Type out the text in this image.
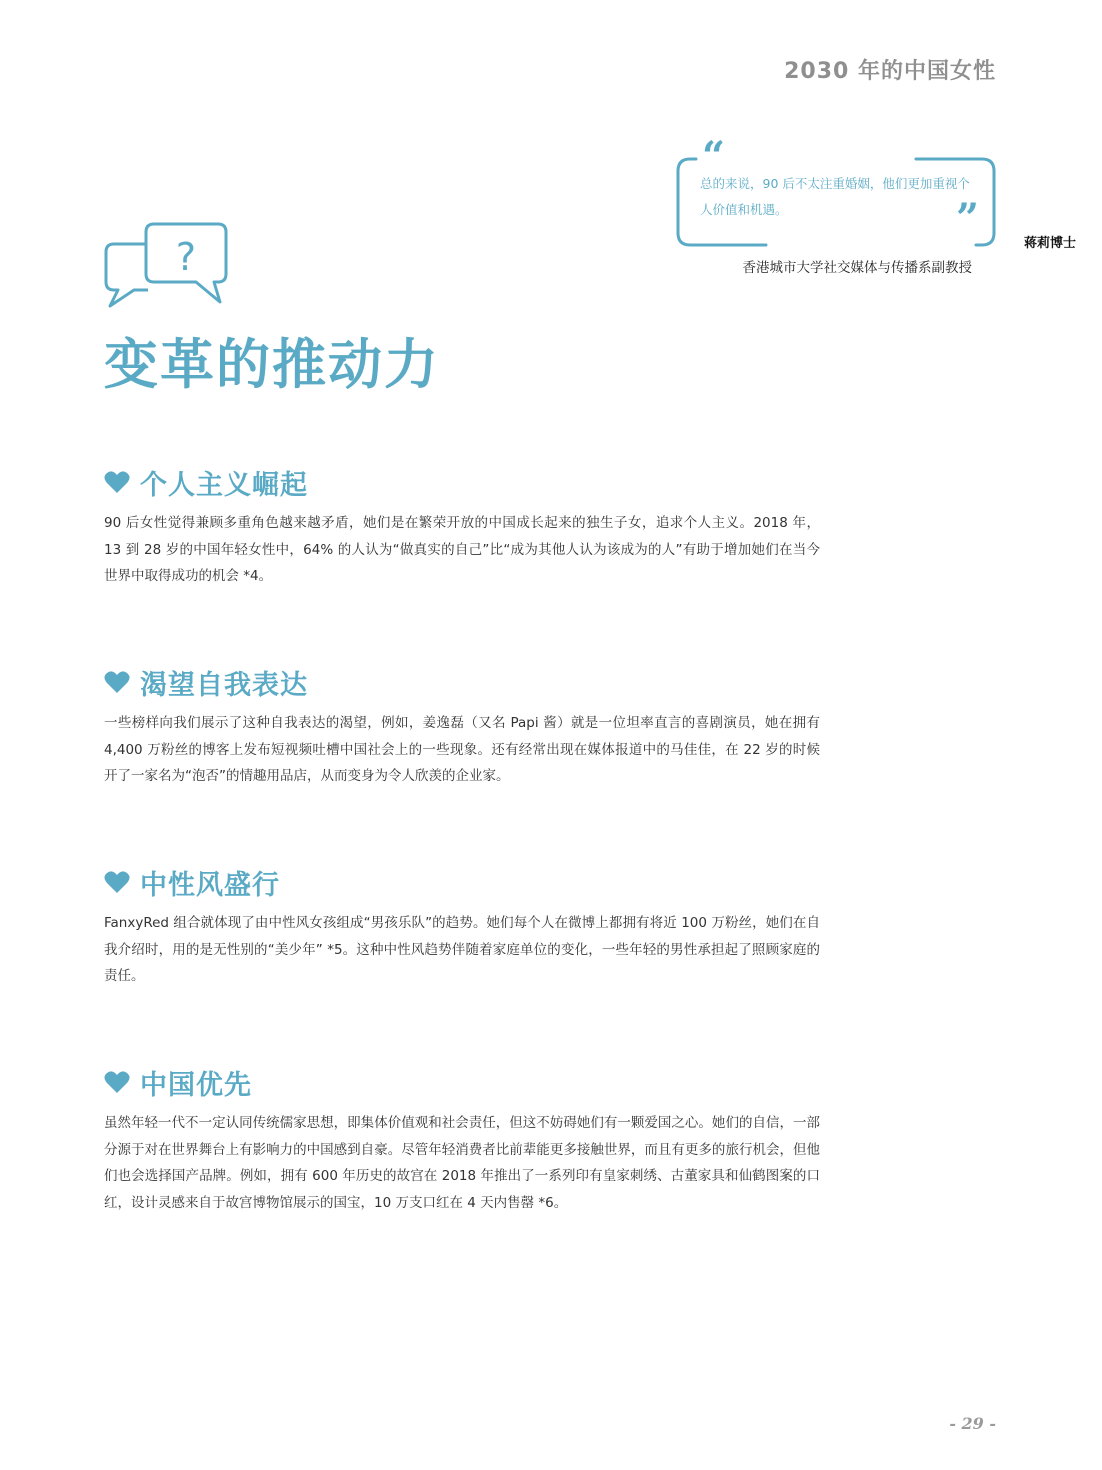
2030 年的中国女性
“
总的来说，90 后不太注重婚姻，他们更加重视个人价值和机遇。	”
蒋莉博士
香港城市大学社交媒体与传播系副教授
?
变革的推动力
个人主义崛起
90 后女性觉得兼顾多重角色越来越矛盾，她们是在繁荣开放的中国成长起来的独生子女，追求个人主义。2018 年， 13 到 28 岁的中国年轻女性中，64% 的人认为“做真实的自己”比“成为其他人认为该成为的人”有助于增加她们在当今世界中取得成功的机会 *4。
渴望自我表达
一些榜样向我们展示了这种自我表达的渴望，例如，姜逸磊（又名 Papi 酱）就是一位坦率直言的喜剧演员，她在拥有 4,400 万粉丝的博客上发布短视频吐槽中国社会上的一些现象。还有经常出现在媒体报道中的马佳佳，在 22 岁的时候开了一家名为“泡否”的情趣用品店，从而变身为令人欣羡的企业家。
中性风盛行
FanxyRed 组合就体现了由中性风女孩组成“男孩乐队”的趋势。她们每个人在微博上都拥有将近 100 万粉丝，她们在自我介绍时，用的是无性别的“美少年” *5。这种中性风趋势伴随着家庭单位的变化，一些年轻的男性承担起了照顾家庭的责任。
中国优先
虽然年轻一代不一定认同传统儒家思想，即集体价值观和社会责任，但这不妨碍她们有一颗爱国之心。她们的自信，一部分源于对在世界舞台上有影响力的中国感到自豪。尽管年轻消费者比前辈能更多接触世界，而且有更多的旅行机会，但他们也会选择国产品牌。例如，拥有 600 年历史的故宫在 2018 年推出了一系列印有皇家刺绣、古董家具和仙鹤图案的口红，设计灵感来自于故宫博物馆展示的国宝，10 万支口红在 4 天内售罄 *6。
- 29 -
